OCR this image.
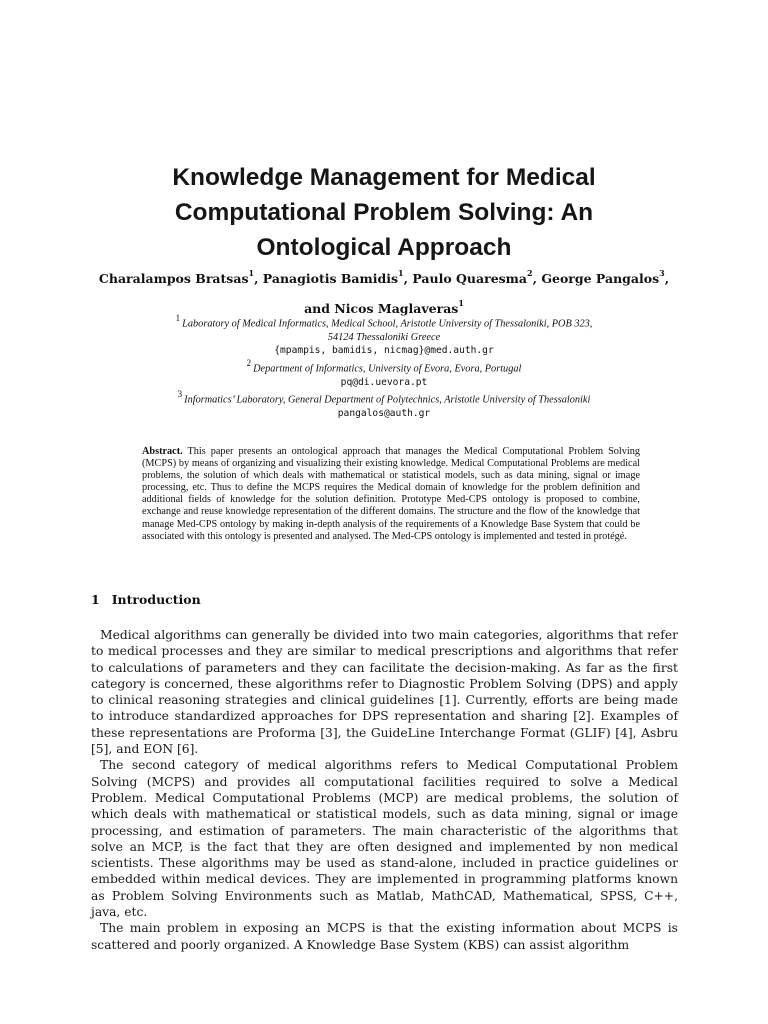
Knowledge Management for Medical
Computational Problem Solving: An
Ontological Approach
Charalampos Bratsas$^1$, Panagiotis Bamidis$^1$, Paulo Quaresma$^2$, George Pangalos$^3$,
and Nicos Maglaveras$^1$
$^1$Laboratory of Medical Informatics, Medical School, Aristotle University of Thessaloniki, POB 323,
54124 Thessaloniki Greece
{mpampis, bamidis, nicmag}@med.auth.gr
$^2$Department of Informatics, University of Evora, Evora, Portugal
pq@di.uevora.pt
$^3$Informatics’ Laboratory, General Department of Polytechnics, Aristotle University of Thessaloniki
pangalos@auth.gr
Abstract. This paper presents an ontological approach that manages the Medical Computational Problem Solving (MCPS) by means of organizing and visualizing their existing knowledge. Medical Computational Problems are medical problems, the solution of which deals with mathematical or statistical models, such as data mining, signal or image processing, etc. Thus to define the MCPS requires the Medical domain of knowledge for the problem definition and additional fields of knowledge for the solution definition. Prototype Med-CPS ontology is proposed to combine, exchange and reuse knowledge representation of the different domains. The structure and the flow of the knowledge that manage Med-CPS ontology by making in-depth analysis of the requirements of a Knowledge Base System that could be associated with this ontology is presented and analysed. The Med-CPS ontology is implemented and tested in protégé.
1 Introduction

Medical algorithms can generally be divided into two main categories, algorithms that refer to medical processes and they are similar to medical prescriptions and algorithms that refer to calculations of parameters and they can facilitate the decision-making. As far as the first category is concerned, these algorithms refer to Diagnostic Problem Solving (DPS) and apply to clinical reasoning strategies and clinical guidelines [1]. Currently, efforts are being made to introduce standardized approaches for DPS representation and sharing [2]. Examples of these representations are Proforma [3], the GuideLine Interchange Format (GLIF) [4], Asbru [5], and EON [6].

The second category of medical algorithms refers to Medical Computational Problem Solving (MCPS) and provides all computational facilities required to solve a Medical Problem. Medical Computational Problems (MCP) are medical problems, the solution of which deals with mathematical or statistical models, such as data mining, signal or image processing, and estimation of parameters. The main characteristic of the algorithms that solve an MCP, is the fact that they are often designed and implemented by non medical scientists. These algorithms may be used as stand-alone, included in practice guidelines or embedded within medical devices. They are implemented in programming platforms known as Problem Solving Environments such as Matlab, MathCAD, Mathematical, SPSS, C++, java, etc.

The main problem in exposing an MCPS is that the existing information about MCPS is scattered and poorly organized. A Knowledge Base System (KBS) can assist algorithm
